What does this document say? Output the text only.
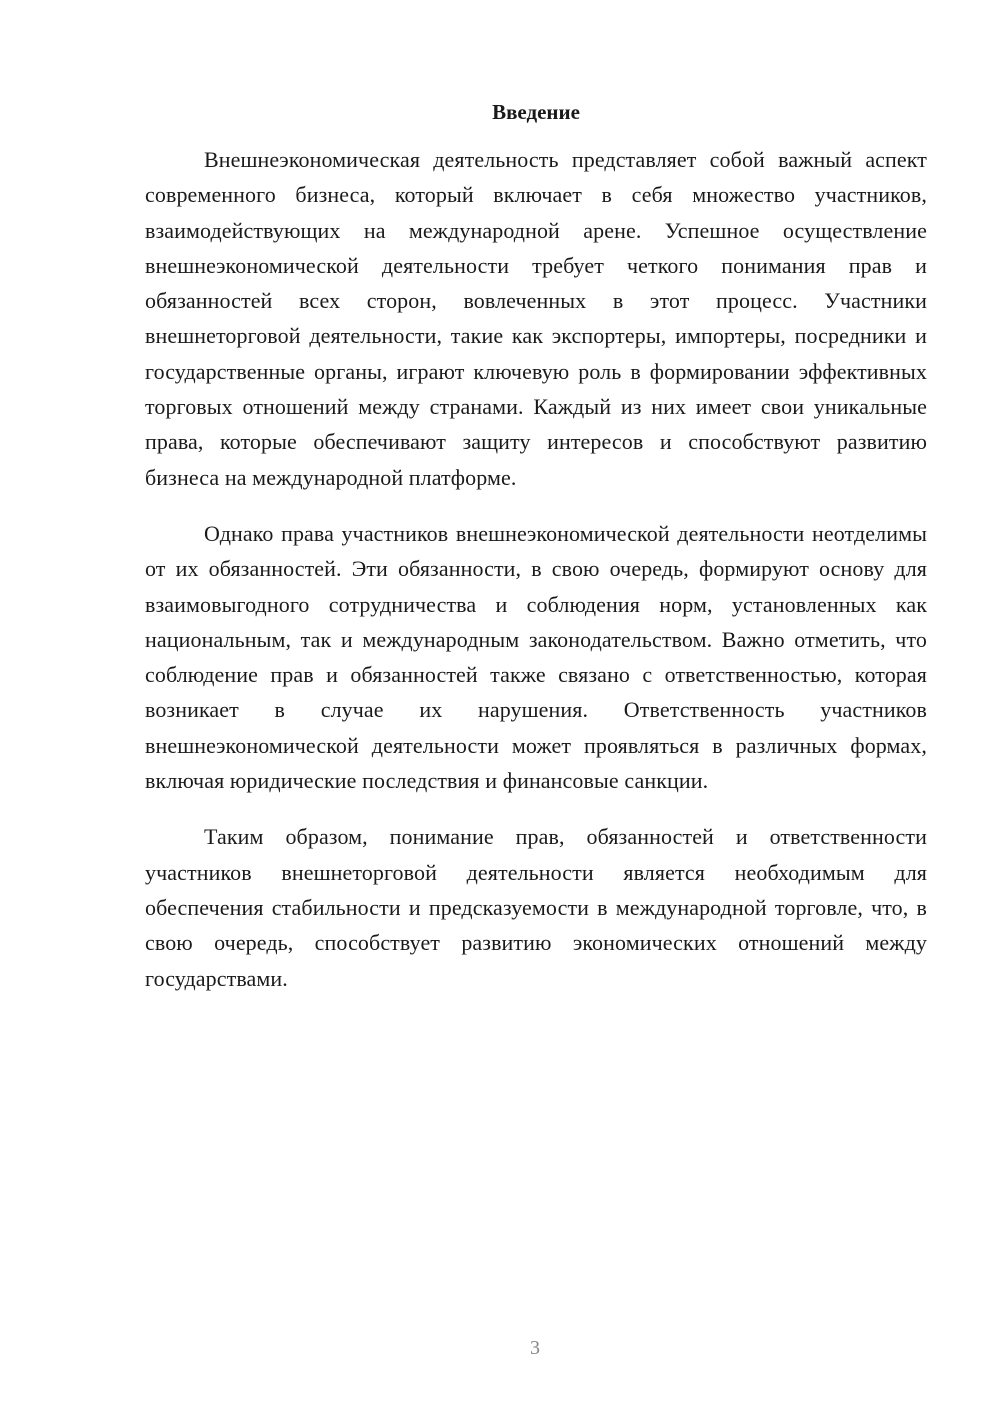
Введение

Внешнеэкономическая деятельность представляет собой важный аспект современного бизнеса, который включает в себя множество участников, взаимодействующих на международной арене. Успешное осуществление внешнеэкономической деятельности требует четкого понимания прав и обязанностей всех сторон, вовлеченных в этот процесс. Участники внешнеторговой деятельности, такие как экспортеры, импортеры, посредники и государственные органы, играют ключевую роль в формировании эффективных торговых отношений между странами. Каждый из них имеет свои уникальные права, которые обеспечивают защиту интересов и способствуют развитию бизнеса на международной платформе.

Однако права участников внешнеэкономической деятельности неотделимы от их обязанностей. Эти обязанности, в свою очередь, формируют основу для взаимовыгодного сотрудничества и соблюдения норм, установленных как национальным, так и международным законодательством. Важно отметить, что соблюдение прав и обязанностей также связано с ответственностью, которая возникает в случае их нарушения. Ответственность участников внешнеэкономической деятельности может проявляться в различных формах, включая юридические последствия и финансовые санкции.

Таким образом, понимание прав, обязанностей и ответственности участников внешнеторговой деятельности является необходимым для обеспечения стабильности и предсказуемости в международной торговле, что, в свою очередь, способствует развитию экономических отношений между государствами.

3
